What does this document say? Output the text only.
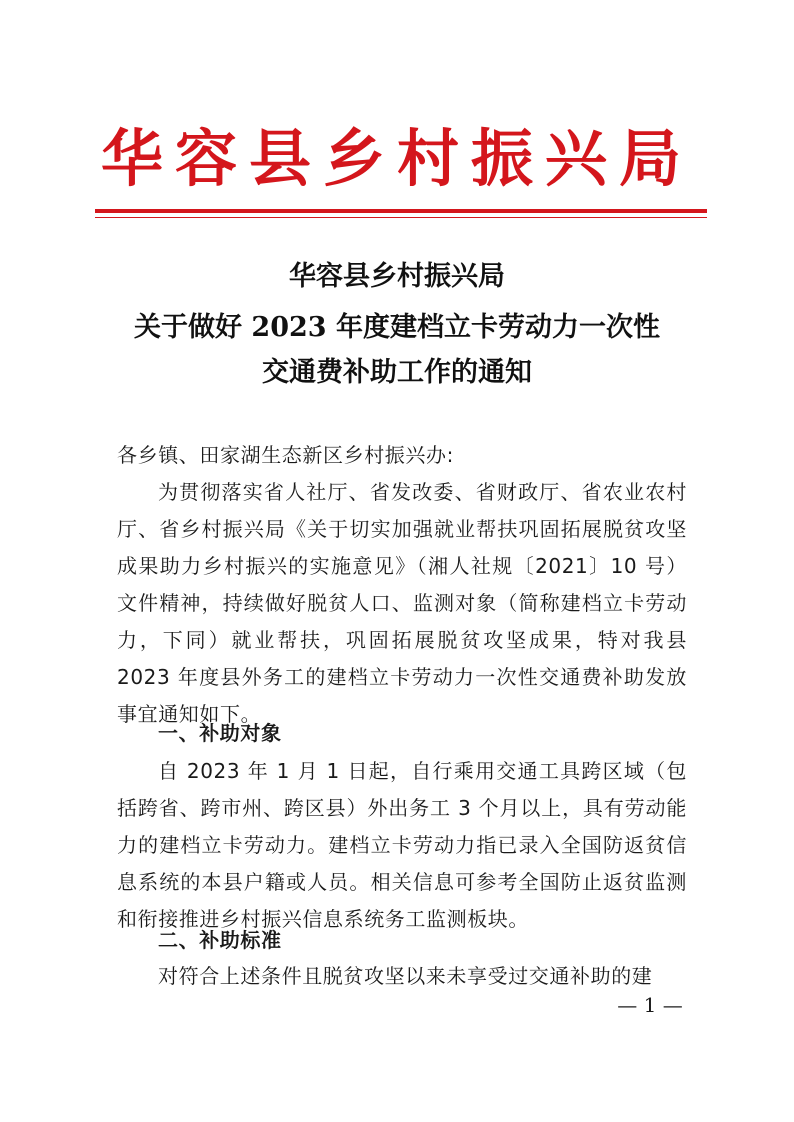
华容县乡村振兴局
华容县乡村振兴局
关于做好 2023 年度建档立卡劳动力一次性
交通费补助工作的通知
各乡镇、田家湖生态新区乡村振兴办:
为贯彻落实省人社厅、省发改委、省财政厅、省农业农村厅、省乡村振兴局《关于切实加强就业帮扶巩固拓展脱贫攻坚成果助力乡村振兴的实施意见》（湘人社规〔2021〕10 号）文件精神，持续做好脱贫人口、监测对象（简称建档立卡劳动力，下同）就业帮扶，巩固拓展脱贫攻坚成果，特对我县 2023 年度县外务工的建档立卡劳动力一次性交通费补助发放事宜通知如下。
一、补助对象
自 2023 年 1 月 1 日起，自行乘用交通工具跨区域（包括跨省、跨市州、跨区县）外出务工 3 个月以上，具有劳动能力的建档立卡劳动力。建档立卡劳动力指已录入全国防返贫信息系统的本县户籍或人员。相关信息可参考全国防止返贫监测和衔接推进乡村振兴信息系统务工监测板块。
二、补助标准
对符合上述条件且脱贫攻坚以来未享受过交通补助的建
— 1 —
